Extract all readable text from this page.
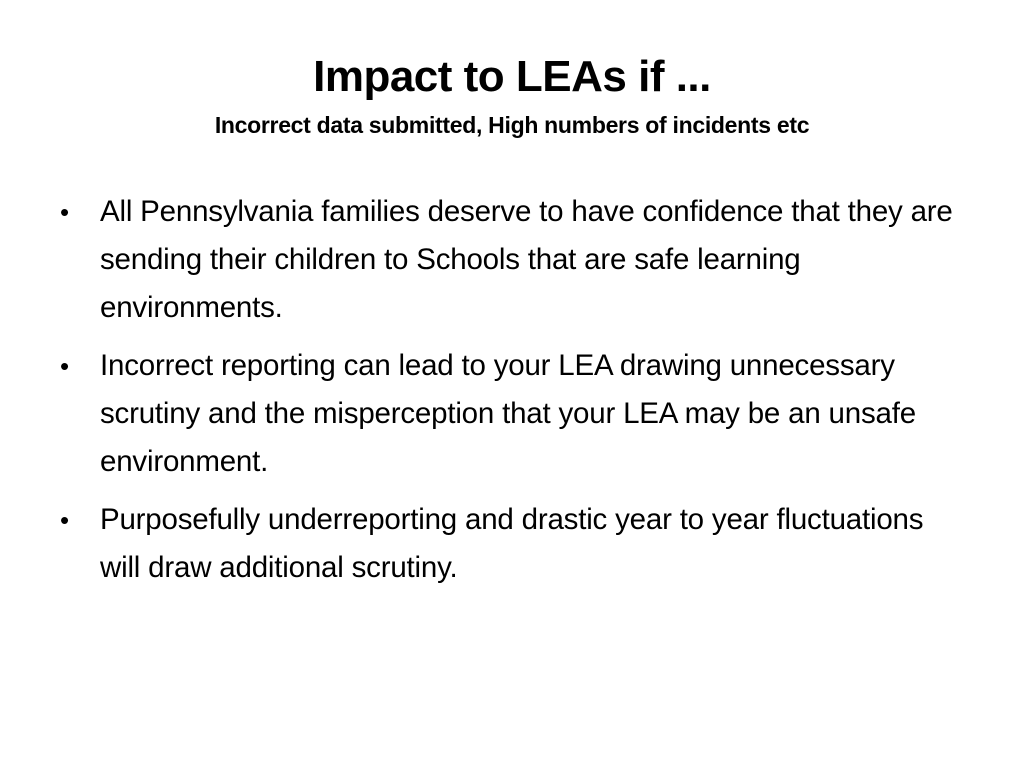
Impact to LEAs if ...

Incorrect data submitted, High numbers of incidents etc

•	All Pennsylvania families deserve to have confidence that they are sending their children to Schools that are safe learning environments.
•	Incorrect reporting can lead to your LEA drawing unnecessary scrutiny and the misperception that your LEA may be an unsafe environment.
•	Purposefully underreporting and drastic year to year fluctuations will draw additional scrutiny.
